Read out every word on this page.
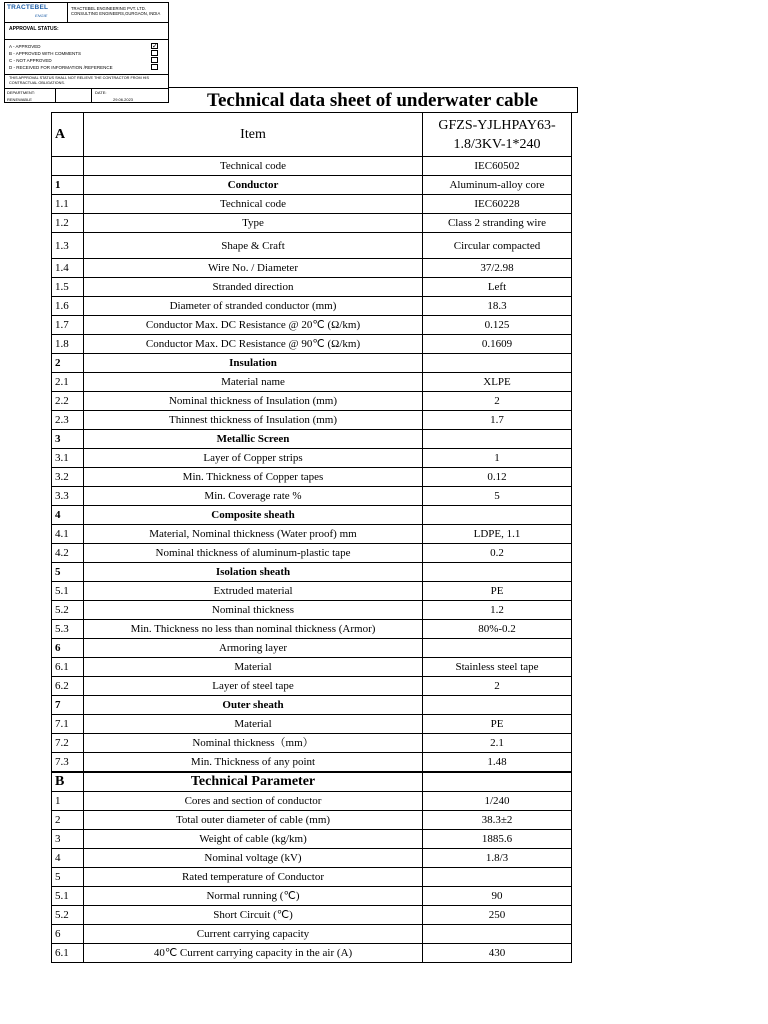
TRACTEBEL
ENGIE
TRACTEBEL ENGINEERING PVT. LTD. CONSULTING ENGINEERS,GURGAON, INDIA
APPROVAL STATUS:
A - APPROVED	✓
B - APPROVED WITH COMMENTS
C - NOT APPROVED
D - RECEIVED FOR INFORMATION /REFERENCE
THIS APPROVAL STATUS SHALL NOT RELIEVE THE CONTRACTOR FROM HIS CONTRACTUAL OBLIGATIONS.
DEPARTMENT:
RENEWABLE
DATE:
29.06.2023	Technical data sheet of underwater cable
A	Item	GFZS-YJLHPAY63-1.8/3KV-1*240
	Technical code	IEC60502
1	Conductor	Aluminum-alloy core
1.1	Technical code	IEC60228
1.2	Type	Class 2 stranding wire
1.3	Shape & Craft	Circular compacted
1.4	Wire No. / Diameter	37/2.98
1.5	Stranded direction	Left
1.6	Diameter of stranded conductor (mm)	18.3
1.7	Conductor Max. DC Resistance @ 20℃ (Ω/km)	0.125
1.8	Conductor Max. DC Resistance @ 90℃ (Ω/km)	0.1609
2	Insulation	
2.1	Material name	XLPE
2.2	Nominal thickness of Insulation (mm)	2
2.3	Thinnest thickness of Insulation (mm)	1.7
3	Metallic Screen	
3.1	Layer of Copper strips	1
3.2	Min. Thickness of Copper tapes	0.12
3.3	Min. Coverage rate %	5
4	Composite sheath	
4.1	Material, Nominal thickness (Water proof) mm	LDPE, 1.1
4.2	Nominal thickness of aluminum-plastic tape	0.2
5	Isolation sheath	
5.1	Extruded material	PE
5.2	Nominal thickness	1.2
5.3	Min. Thickness no less than nominal thickness (Armor)	80%-0.2
6	Armoring layer	
6.1	Material	Stainless steel tape
6.2	Layer of steel tape	2
7	Outer sheath	
7.1	Material	PE
7.2	Nominal thickness（mm）	2.1
7.3	Min. Thickness of any point	1.48
B	Technical Parameter	
1	Cores and section of conductor	1/240
2	Total outer diameter of cable (mm)	38.3±2
3	Weight of cable (kg/km)	1885.6
4	Nominal voltage (kV)	1.8/3
5	Rated temperature of Conductor	
5.1	Normal running (℃)	90
5.2	Short Circuit (℃)	250
6	Current carrying capacity	
6.1	40℃ Current carrying capacity in the air (A)	430
